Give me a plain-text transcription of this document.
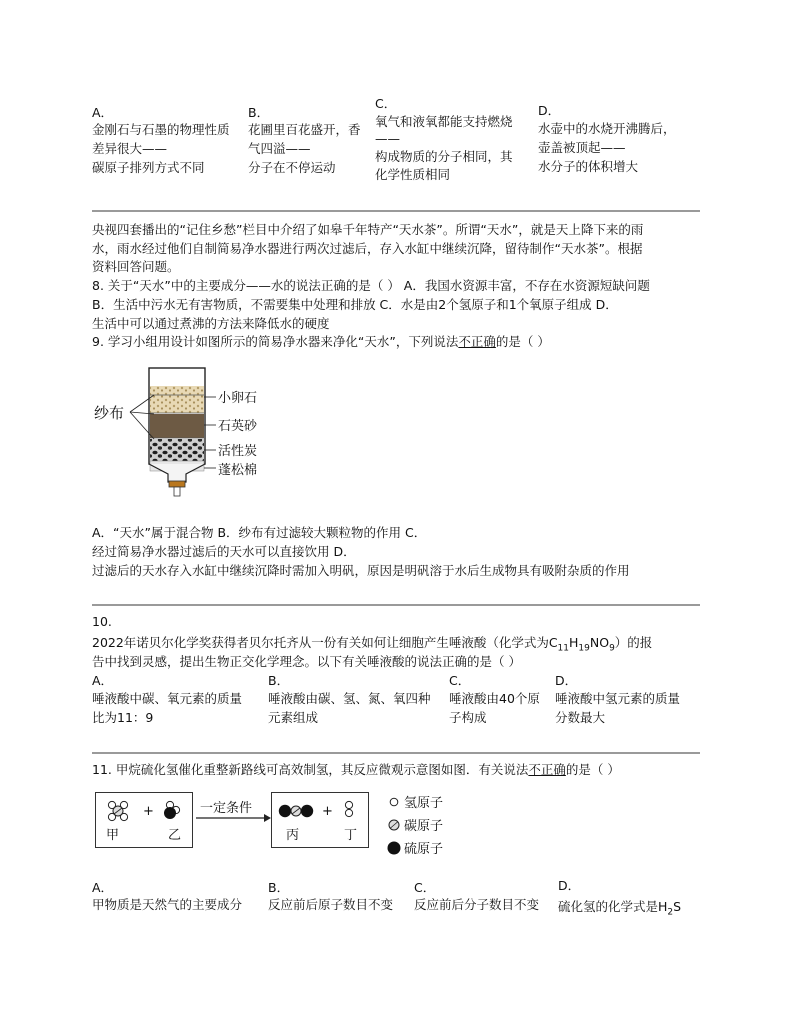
A．
金刚石与石墨的物理性质
差异很大——
碳原子排列方式不同
B．
花圃里百花盛开，香
气四溢——
分子在不停运动
C．
氧气和液氧都能支持燃烧
——
构成物质的分子相同，其
化学性质相同
D．
水壶中的水烧开沸腾后，
壶盖被顶起——
水分子的体积增大
央视四套播出的“记住乡愁”栏目中介绍了如皋千年特产“天水茶”。所谓“天水”，就是天上降下来的雨
水，雨水经过他们自制简易净水器进行两次过滤后，存入水缸中继续沉降，留待制作“天水茶”。根据
资料回答问题。
8. 关于“天水”中的主要成分——水的说法正确的是（ ） A．我国水资源丰富，不存在水资源短缺问题
B．生活中污水无有害物质，不需要集中处理和排放 C．水是由2个氢原子和1个氧原子组成 D．
生活中可以通过煮沸的方法来降低水的硬度
9. 学习小组用设计如图所示的简易净水器来净化“天水”，下列说法不正确的是（ ）
纱布
小卵石
石英砂
活性炭
蓬松棉
A．“天水”属于混合物 B．纱布有过滤较大颗粒物的作用 C．
经过简易净水器过滤后的天水可以直接饮用 D．
过滤后的天水存入水缸中继续沉降时需加入明矾，原因是明矾溶于水后生成物具有吸附杂质的作用
10.
2022年诺贝尔化学奖获得者贝尔托齐从一份有关如何让细胞产生唾液酸（化学式为$C_{11}H_{19}NO_9$）的报
告中找到灵感，提出生物正交化学理念。以下有关唾液酸的说法正确的是（ ）
A．
唾液酸中碳、氧元素的质量
比为11：9
B．
唾液酸由碳、氢、氮、氧四种
元素组成
C．
唾液酸由40个原
子构成
D．
唾液酸中氢元素的质量
分数最大
11. 甲烷硫化氢催化重整新路线可高效制氢，其反应微观示意图如图．有关说法不正确的是（ ）
甲	乙
+	一定条件
丙	丁
+
氢原子
碳原子
硫原子
A．
甲物质是天然气的主要成分
B．
反应前后原子数目不变
C．
反应前后分子数目不变
D．
硫化氢的化学式是$H_2S$
